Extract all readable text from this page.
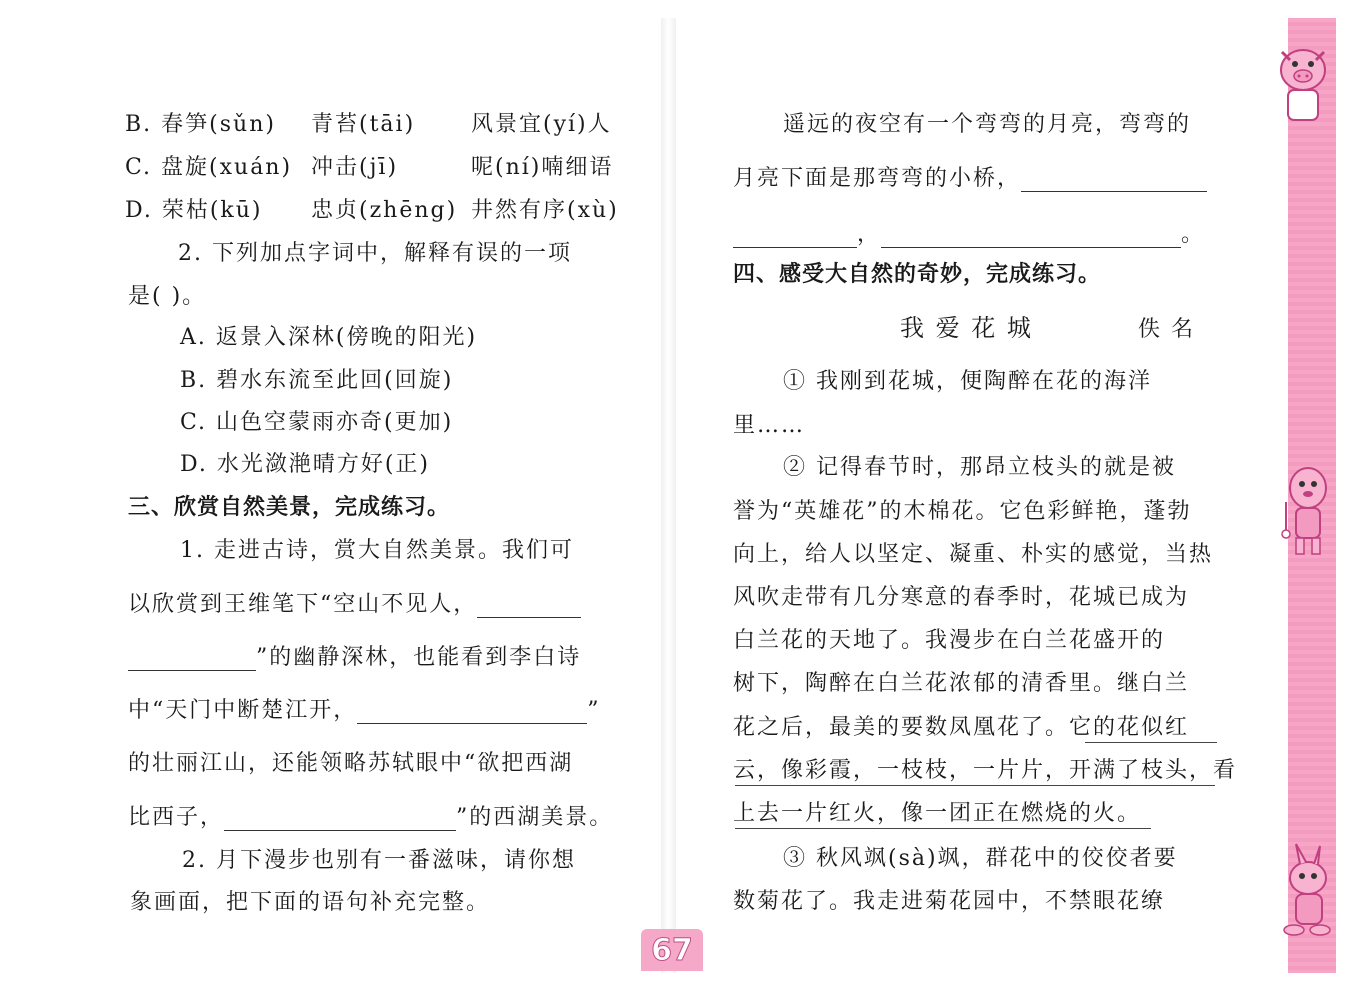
B. 春笋(sǔn) 青苔(tāi)	风景宜(yí)人
C. 盘旋(xuán) 冲击(jī)	呢(ní)喃细语
D. 荣枯(kū) 忠贞(zhēng) 井然有序(xù)
2. 下列加点字词中，解释有误的一项
是( )。
A. 返景入深林(傍晚的阳光)
B. 碧水东流至此回(回旋)
C. 山色空蒙雨亦奇(更加)
D. 水光潋滟晴方好(正)
三、欣赏自然美景，完成练习。
1. 走进古诗，赏大自然美景。我们可
以欣赏到王维笔下“空山不见人，
”的幽静深林，也能看到李白诗
中“天门中断楚江开，	”
的壮丽江山，还能领略苏轼眼中“欲把西湖
比西子，	”的西湖美景。
2. 月下漫步也别有一番滋味，请你想
象画面，把下面的语句补充完整。
遥远的夜空有一个弯弯的月亮，弯弯的
月亮下面是那弯弯的小桥，
，	。
四、感受大自然的奇妙，完成练习。
我 爱 花 城	佚 名
① 我刚到花城，便陶醉在花的海洋
里……
② 记得春节时，那昂立枝头的就是被
誉为“英雄花”的木棉花。它色彩鲜艳，蓬勃
向上，给人以坚定、凝重、朴实的感觉，当热
风吹走带有几分寒意的春季时，花城已成为
白兰花的天地了。我漫步在白兰花盛开的
树下，陶醉在白兰花浓郁的清香里。继白兰
花之后，最美的要数凤凰花了。它的花似红
云，像彩霞，一枝枝，一片片，开满了枝头，看
上去一片红火，像一团正在燃烧的火。
③ 秋风飒(sà)飒，群花中的佼佼者要
数菊花了。我走进菊花园中，不禁眼花缭
67
